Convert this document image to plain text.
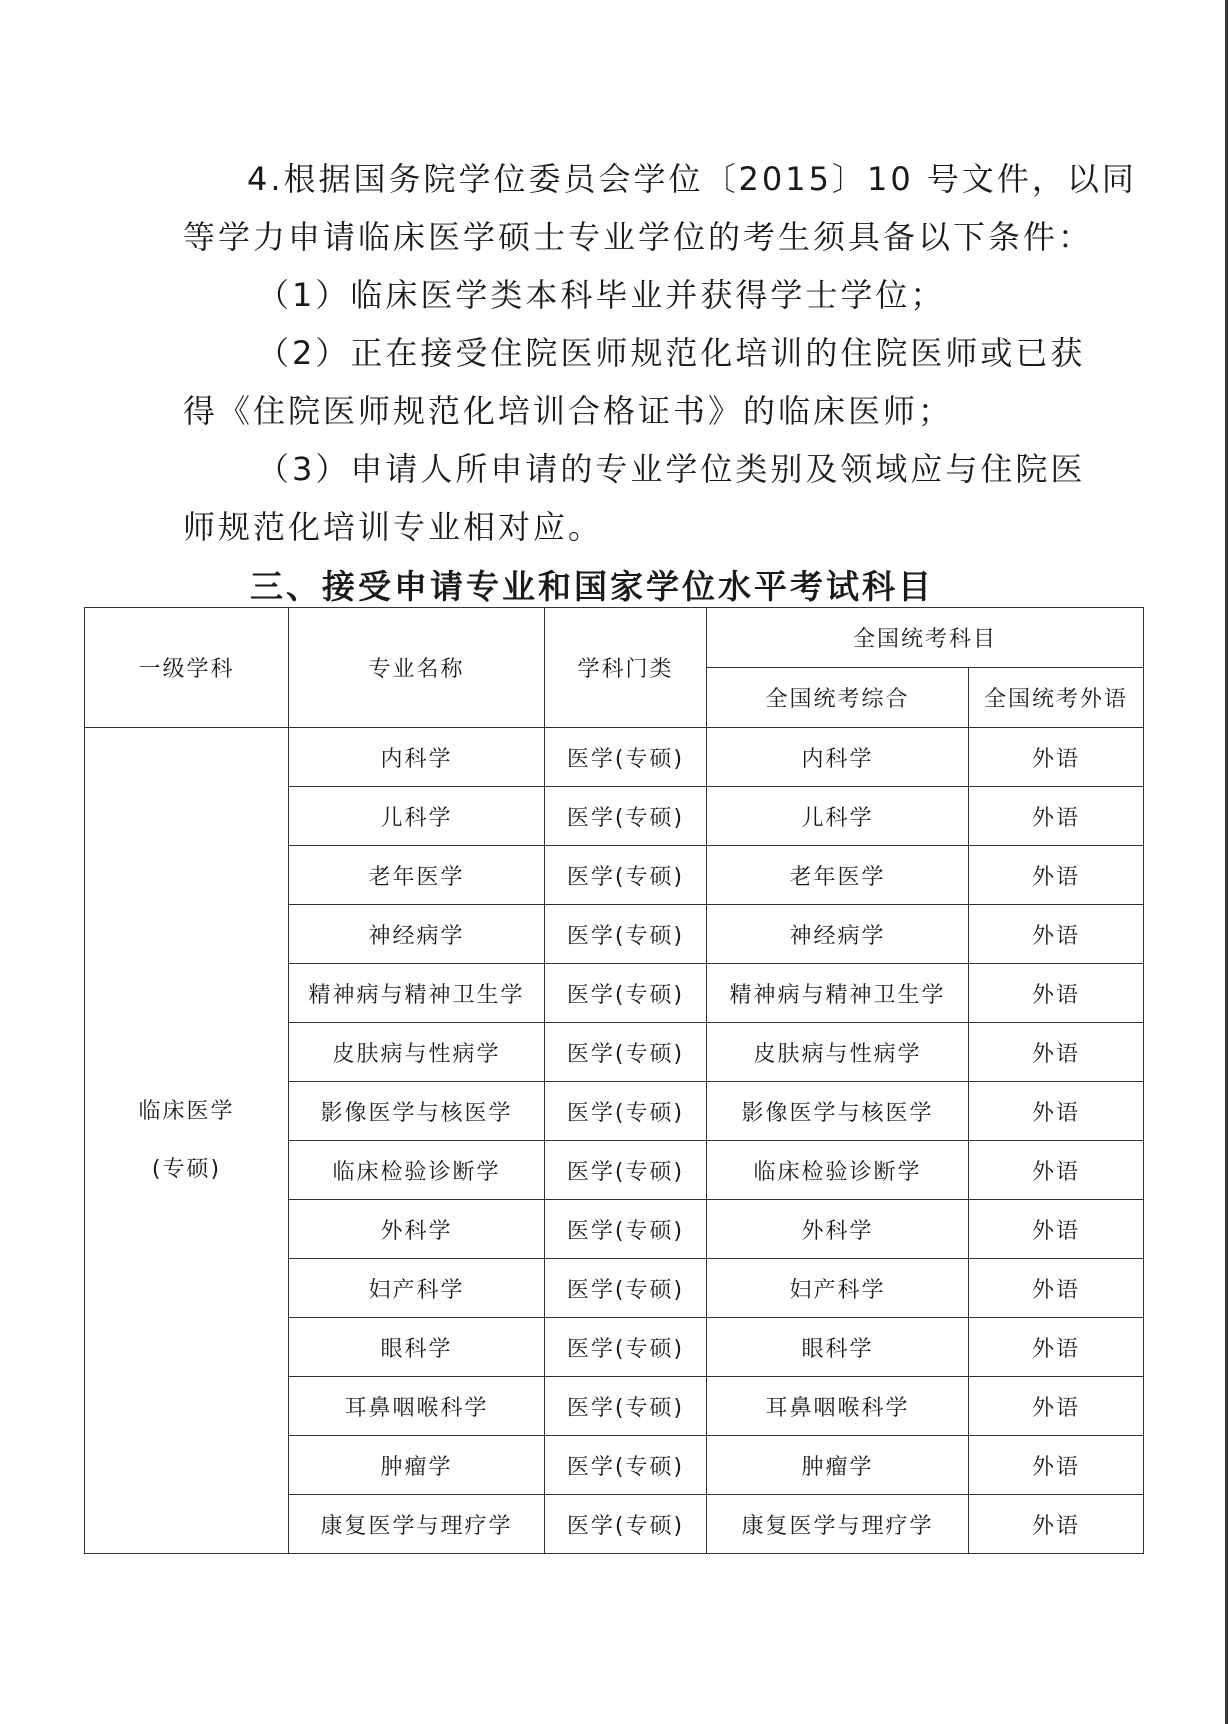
4.根据国务院学位委员会学位〔2015〕10 号文件，以同

等学力申请临床医学硕士专业学位的考生须具备以下条件：

（1）临床医学类本科毕业并获得学士学位；

（2）正在接受住院医师规范化培训的住院医师或已获

得《住院医师规范化培训合格证书》的临床医师；

（3）申请人所申请的专业学位类别及领域应与住院医

师规范化培训专业相对应。

三、接受申请专业和国家学位水平考试科目
一级学科	专业名称	学科门类	全国统考科目	
			全国统考综合	全国统考外语

临床医学
(专硕)	内科学	医学(专硕)	内科学	外语
	儿科学	医学(专硕)	儿科学	外语
	老年医学	医学(专硕)	老年医学	外语
	神经病学	医学(专硕)	神经病学	外语
	精神病与精神卫生学	医学(专硕)	精神病与精神卫生学	外语
	皮肤病与性病学	医学(专硕)	皮肤病与性病学	外语
	影像医学与核医学	医学(专硕)	影像医学与核医学	外语
	临床检验诊断学	医学(专硕)	临床检验诊断学	外语
	外科学	医学(专硕)	外科学	外语
	妇产科学	医学(专硕)	妇产科学	外语
	眼科学	医学(专硕)	眼科学	外语
	耳鼻咽喉科学	医学(专硕)	耳鼻咽喉科学	外语
	肿瘤学	医学(专硕)	肿瘤学	外语
	康复医学与理疗学	医学(专硕)	康复医学与理疗学	外语
